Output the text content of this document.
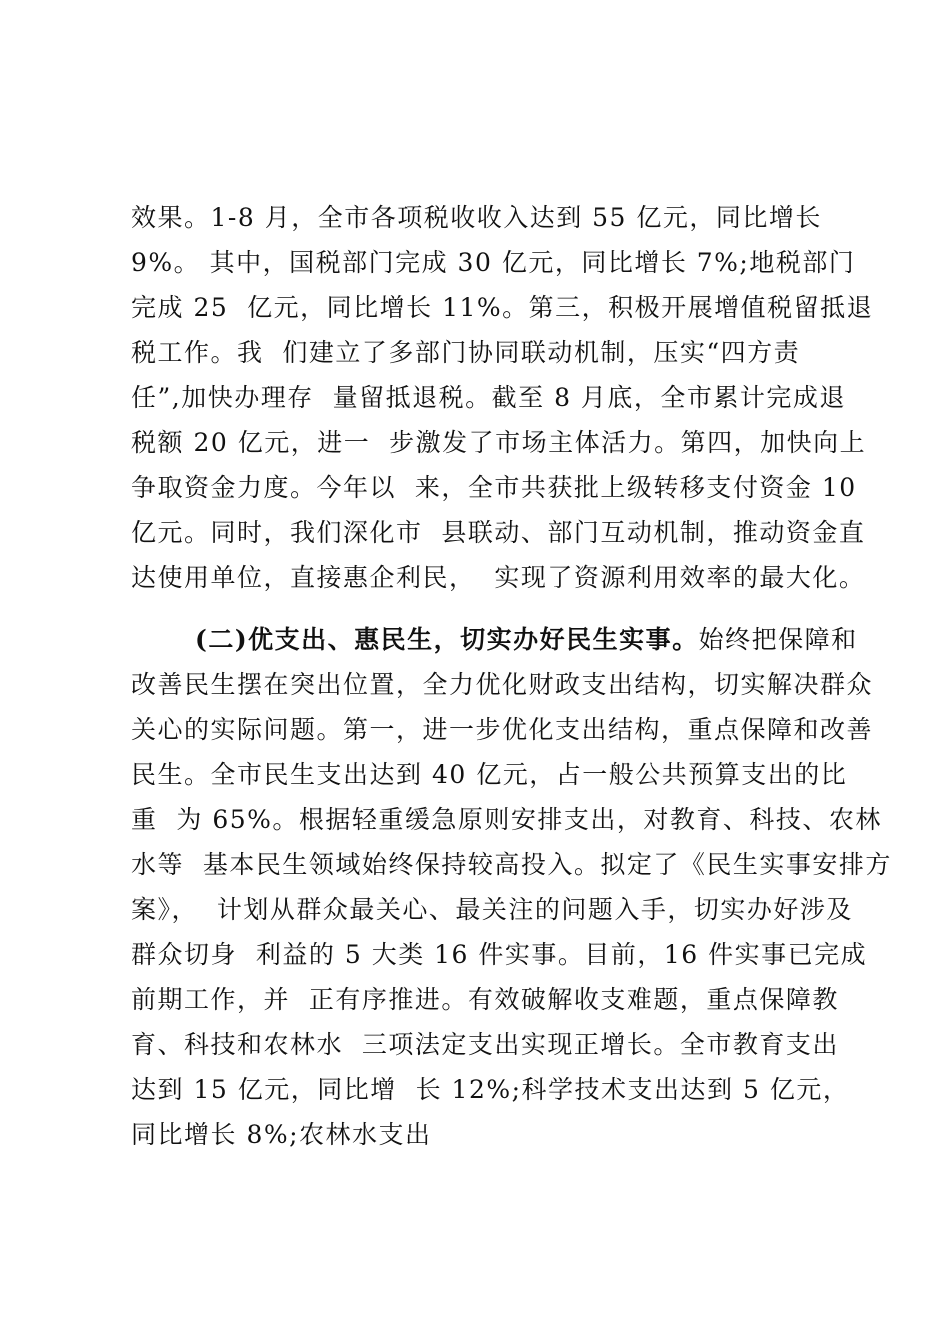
效果。1-8 月，全市各项税收收入达到 55 亿元，同比增长
9%。 其中，国税部门完成 30 亿元，同比增长 7%;地税部门
完成 25  亿元，同比增长 11%。第三，积极开展增值税留抵退
税工作。我  们建立了多部门协同联动机制，压实“四方责
任”,加快办理存  量留抵退税。截至 8 月底，全市累计完成退
税额 20 亿元，进一  步激发了市场主体活力。第四，加快向上
争取资金力度。今年以  来，全市共获批上级转移支付资金 10
亿元。同时，我们深化市  县联动、部门互动机制，推动资金直
达使用单位，直接惠企利民，  实现了资源利用效率的最大化。
(二)优支出、惠民生，切实办好民生实事。始终把保障和
改善民生摆在突出位置，全力优化财政支出结构，切实解决群众
关心的实际问题。第一，进一步优化支出结构，重点保障和改善
民生。全市民生支出达到 40 亿元，占一般公共预算支出的比
重  为 65%。根据轻重缓急原则安排支出，对教育、科技、农林
水等  基本民生领域始终保持较高投入。拟定了《民生实事安排方
案》，  计划从群众最关心、最关注的问题入手，切实办好涉及
群众切身  利益的 5 大类 16 件实事。目前，16 件实事已完成
前期工作，并  正有序推进。有效破解收支难题，重点保障教
育、科技和农林水  三项法定支出实现正增长。全市教育支出
达到 15 亿元，同比增  长 12%;科学技术支出达到 5 亿元，
同比增长 8%;农林水支出
